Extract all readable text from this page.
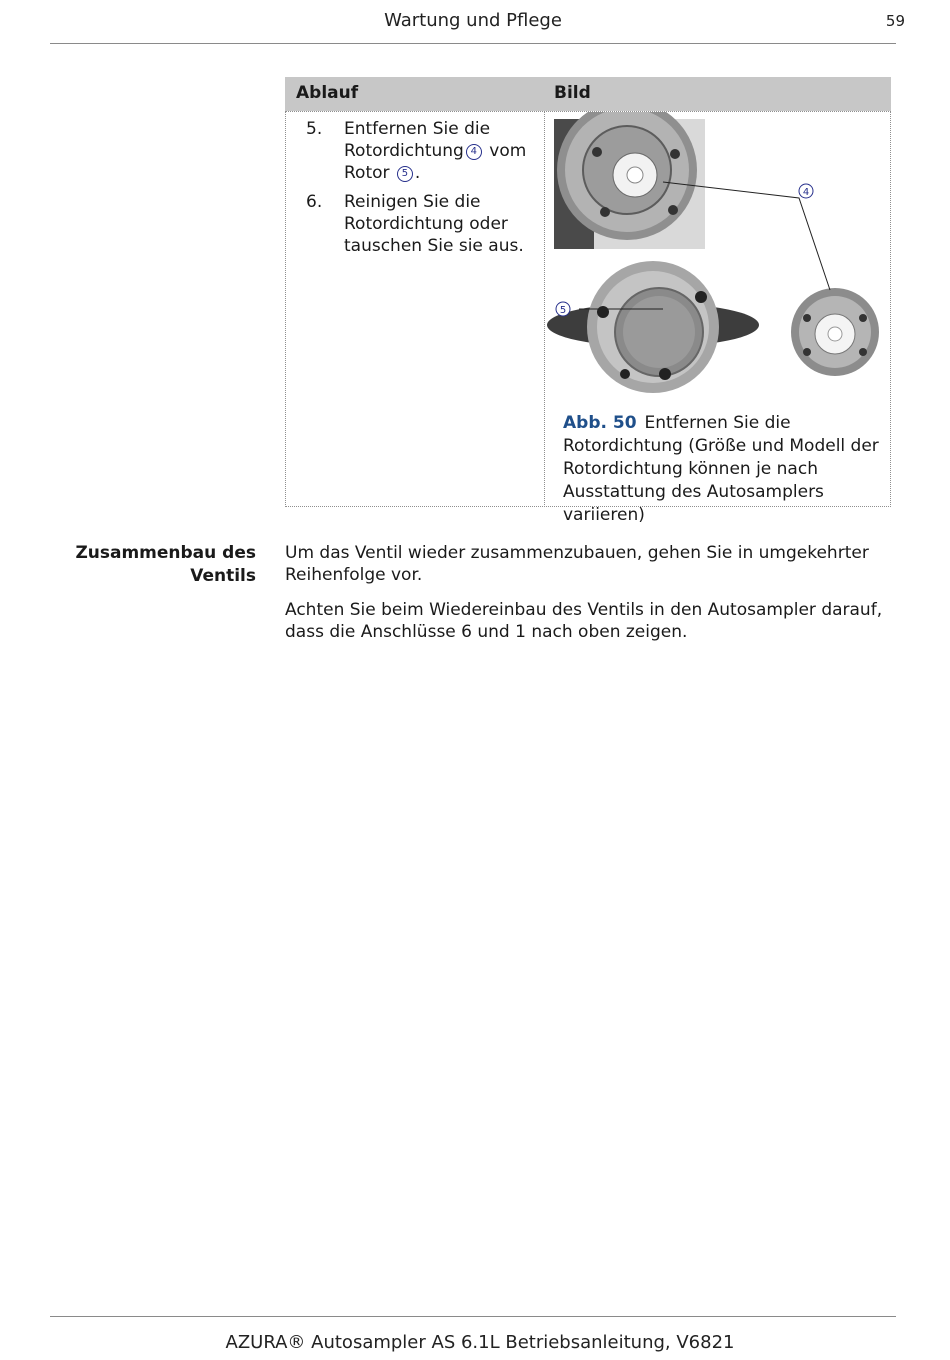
Wartung und Pflege	59
Ablauf	Bild
5. Entfernen Sie die Rotordichtung 4 vom Rotor 5 .
6. Reinigen Sie die Rotordichtung oder tauschen Sie sie aus.
4
5
Abb. 50 Entfernen Sie die Rotordichtung (Größe und Modell der Rotordichtung können je nach Ausstattung des Autosamplers variieren)
Zusammenbau des Ventils
Um das Ventil wieder zusammenzubauen, gehen Sie in umgekehrter Reihenfolge vor.
Achten Sie beim Wiedereinbau des Ventils in den Autosampler darauf, dass die Anschlüsse 6 und 1 nach oben zeigen.
AZURA® Autosampler AS 6.1L Betriebsanleitung, V6821
